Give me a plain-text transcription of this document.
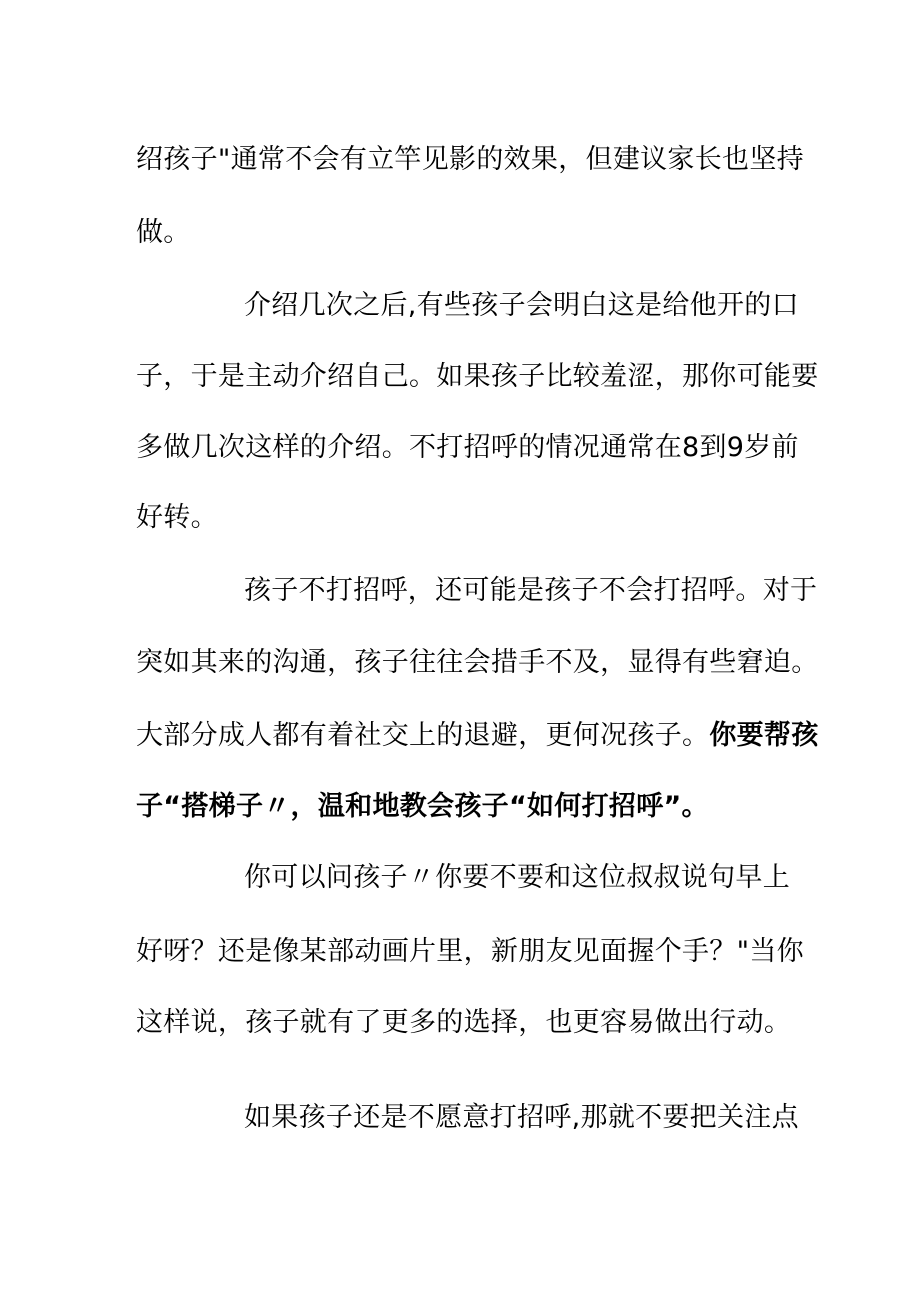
绍孩子"通常不会有立竿见影的效果，但建议家长也坚持
做。
介绍几次之后,有些孩子会明白这是给他开的口
子，于是主动介绍自己。如果孩子比较羞涩，那你可能要
多做几次这样的介绍。不打招呼的情况通常在8到9岁前
好转。
孩子不打招呼，还可能是孩子不会打招呼。对于
突如其来的沟通，孩子往往会措手不及，显得有些窘迫。
大部分成人都有着社交上的退避，更何况孩子。你要帮孩
子“搭梯子〃，温和地教会孩子“如何打招呼”。
你可以问孩子〃你要不要和这位叔叔说句早上
好呀？还是像某部动画片里，新朋友见面握个手？"当你
这样说，孩子就有了更多的选择，也更容易做出行动。
如果孩子还是不愿意打招呼,那就不要把关注点
